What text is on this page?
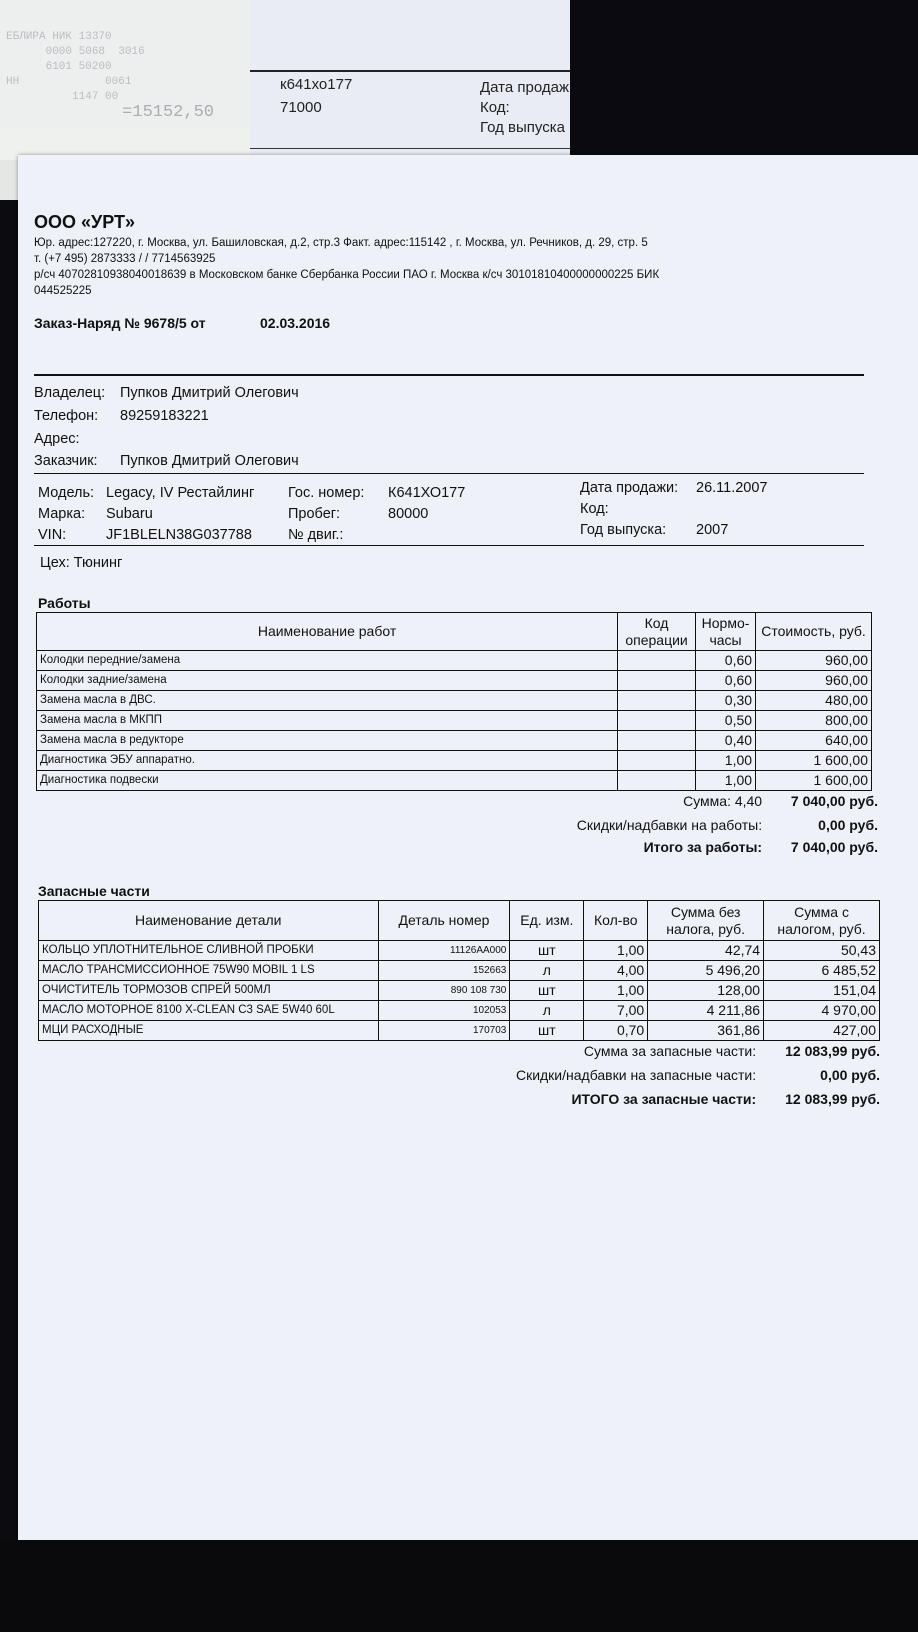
к641хо177
71000
Дата продаж
Код:
Год выпуска
ЕБЛИРА НИК 13370
0000 5068  3016
6101 50200
НН             0061
1147 00
=15152,50
ООО «УРТ»
Юр. адрес:127220, г. Москва, ул. Башиловская, д.2, стр.3 Факт. адрес:115142 , г. Москва, ул. Речников, д. 29, стр. 5
т. (+7 495) 2873333 / / 7714563925
р/сч 40702810938040018639 в Московском банке Сбербанка России ПАО г. Москва к/сч 30101810400000000225 БИК
044525225
Заказ-Наряд № 9678/5 от	02.03.2016
Владелец: Пупков Дмитрий Олегович
Телефон: 89259183221
Адрес:
Заказчик: Пупков Дмитрий Олегович
Модель: Legacy, IV Рестайлинг
Марка: Subaru
VIN:	JF1BLELN38G037788
Гос. номер: К641ХО177
Пробег:	80000
№ двиг.:
Дата продажи: 26.11.2007
Код:
Год выпуска: 2007
Цех: Тюнинг
Работы
Наименование работ	Код операции	Нормо-часы	Стоимость, руб.
Колодки передние/замена		0,60	960,00
Колодки задние/замена		0,60	960,00
Замена масла в ДВС.		0,30	480,00
Замена масла в МКПП		0,50	800,00
Замена масла в редукторе		0,40	640,00
Диагностика ЭБУ аппаратно.		1,00	1 600,00
Диагностика подвески		1,00	1 600,00
Сумма: 4,40 7 040,00 руб.
Скидки/надбавки на работы:	0,00 руб.
Итого за работы: 7 040,00 руб.
Запасные части
Наименование детали	Деталь номер	Ед. изм.	Кол-во	Сумма без налога, руб.	Сумма с налогом, руб.
КОЛЬЦО УПЛОТНИТЕЛЬНОЕ СЛИВНОЙ ПРОБКИ	11126AA000	шт	1,00	42,74	50,43
МАСЛО ТРАНСМИССИОННОЕ 75W90 MOBIL 1 LS	152663	л	4,00	5 496,20	6 485,52
ОЧИСТИТЕЛЬ ТОРМОЗОВ СПРЕЙ 500МЛ	890 108 730	шт	1,00	128,00	151,04
МАСЛО МОТОРНОЕ 8100 X-CLEAN C3 SAE 5W40 60L	102053	л	7,00	4 211,86	4 970,00
МЦИ РАСХОДНЫЕ	170703	шт	0,70	361,86	427,00
Сумма за запасные части: 12 083,99 руб.
Скидки/надбавки на запасные части:	0,00 руб.
ИТОГО за запасные части: 12 083,99 руб.
